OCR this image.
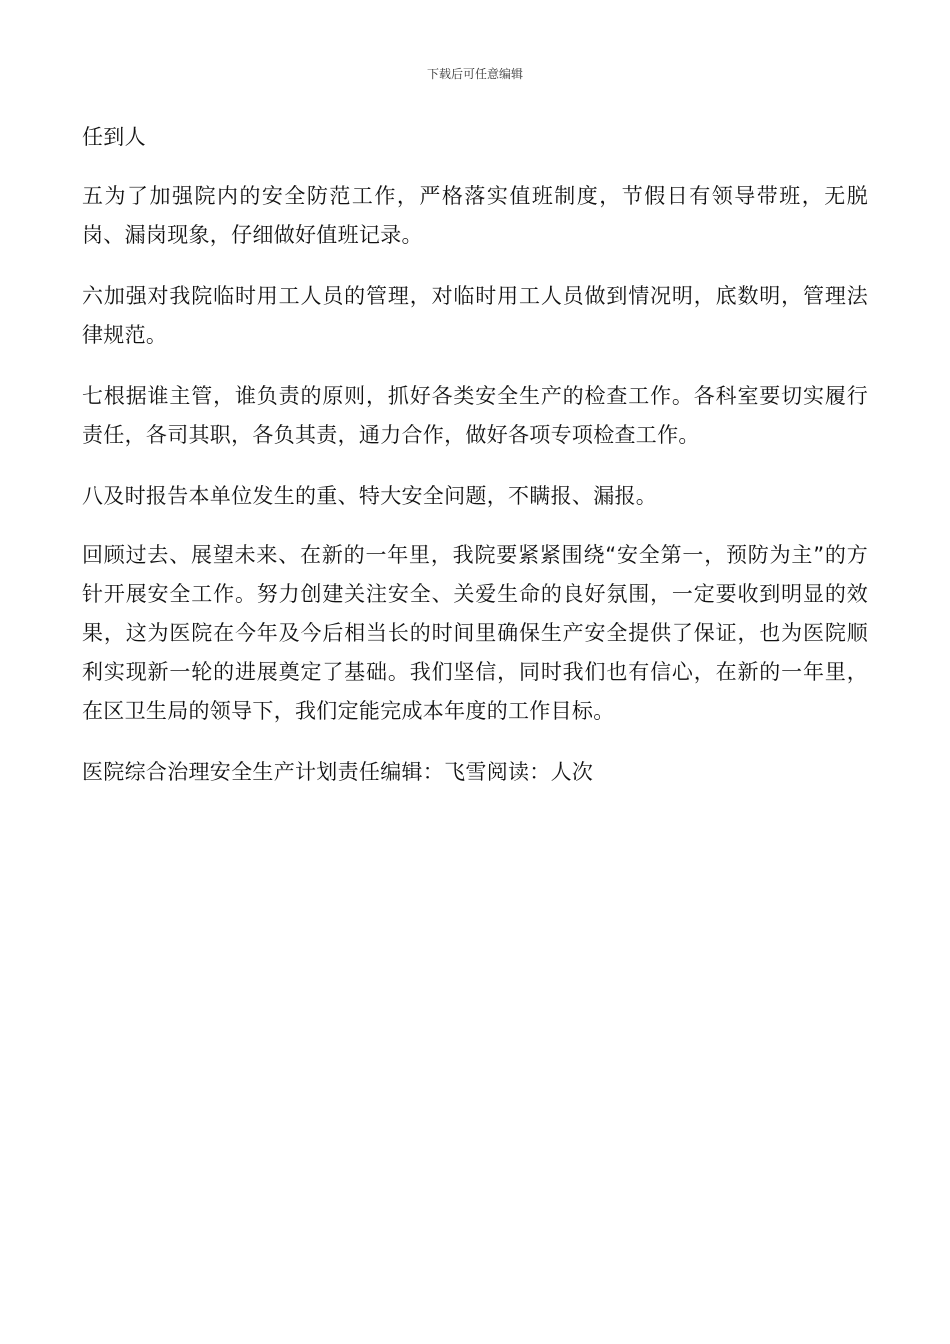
下载后可任意编辑

任到人

五为了加强院内的安全防范工作，严格落实值班制度，节假日有领导带班，无脱岗、漏岗现象，仔细做好值班记录。

六加强对我院临时用工人员的管理，对临时用工人员做到情况明，底数明，管理法律规范。

七根据谁主管，谁负责的原则，抓好各类安全生产的检查工作。各科室要切实履行责任，各司其职，各负其责，通力合作，做好各项专项检查工作。

八及时报告本单位发生的重、特大安全问题，不瞒报、漏报。

回顾过去、展望未来、在新的一年里，我院要紧紧围绕“安全第一，预防为主”的方针开展安全工作。努力创建关注安全、关爱生命的良好氛围，一定要收到明显的效果，这为医院在今年及今后相当长的时间里确保生产安全提供了保证，也为医院顺利实现新一轮的进展奠定了基础。我们坚信，同时我们也有信心，在新的一年里，在区卫生局的领导下，我们定能完成本年度的工作目标。

医院综合治理安全生产计划责任编辑：飞雪阅读：人次
